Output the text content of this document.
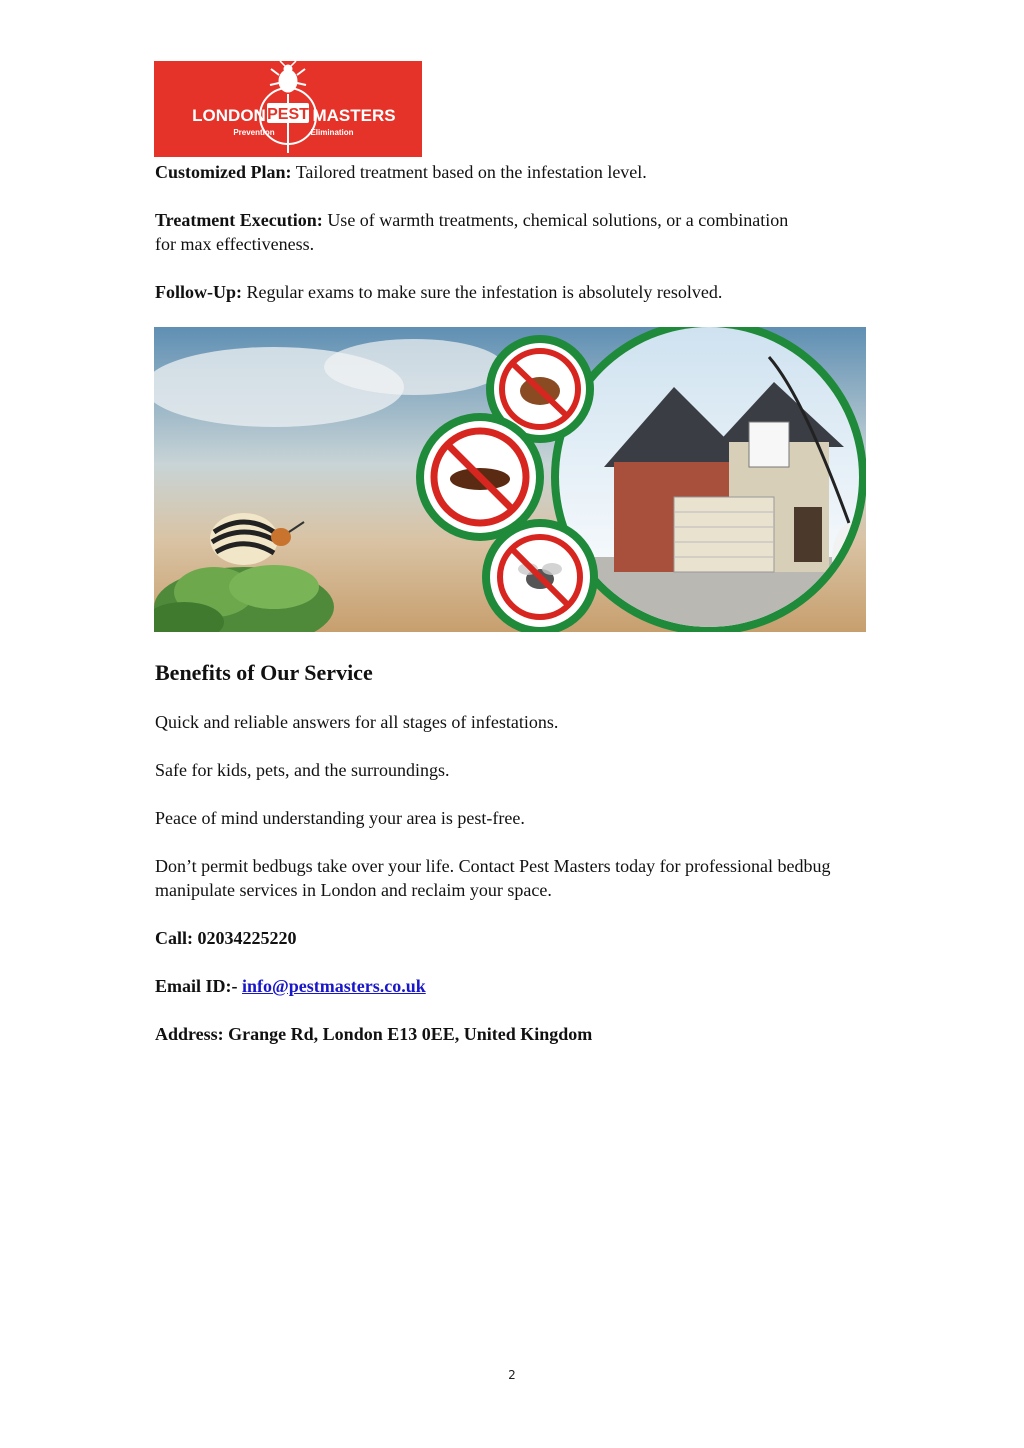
LONDON PEST MASTERS
Prevention	Elimination

Customized Plan: Tailored treatment based on the infestation level.

Treatment Execution: Use of warmth treatments, chemical solutions, or a combination for max effectiveness.

Follow-Up: Regular exams to make sure the infestation is absolutely resolved.

Benefits of Our Service

Quick and reliable answers for all stages of infestations.

Safe for kids, pets, and the surroundings.

Peace of mind understanding your area is pest-free.

Don’t permit bedbugs take over your life. Contact Pest Masters today for professional bedbug manipulate services in London and reclaim your space.

Call: 02034225220

Email ID:- info@pestmasters.co.uk

Address: Grange Rd, London E13 0EE, United Kingdom

2
